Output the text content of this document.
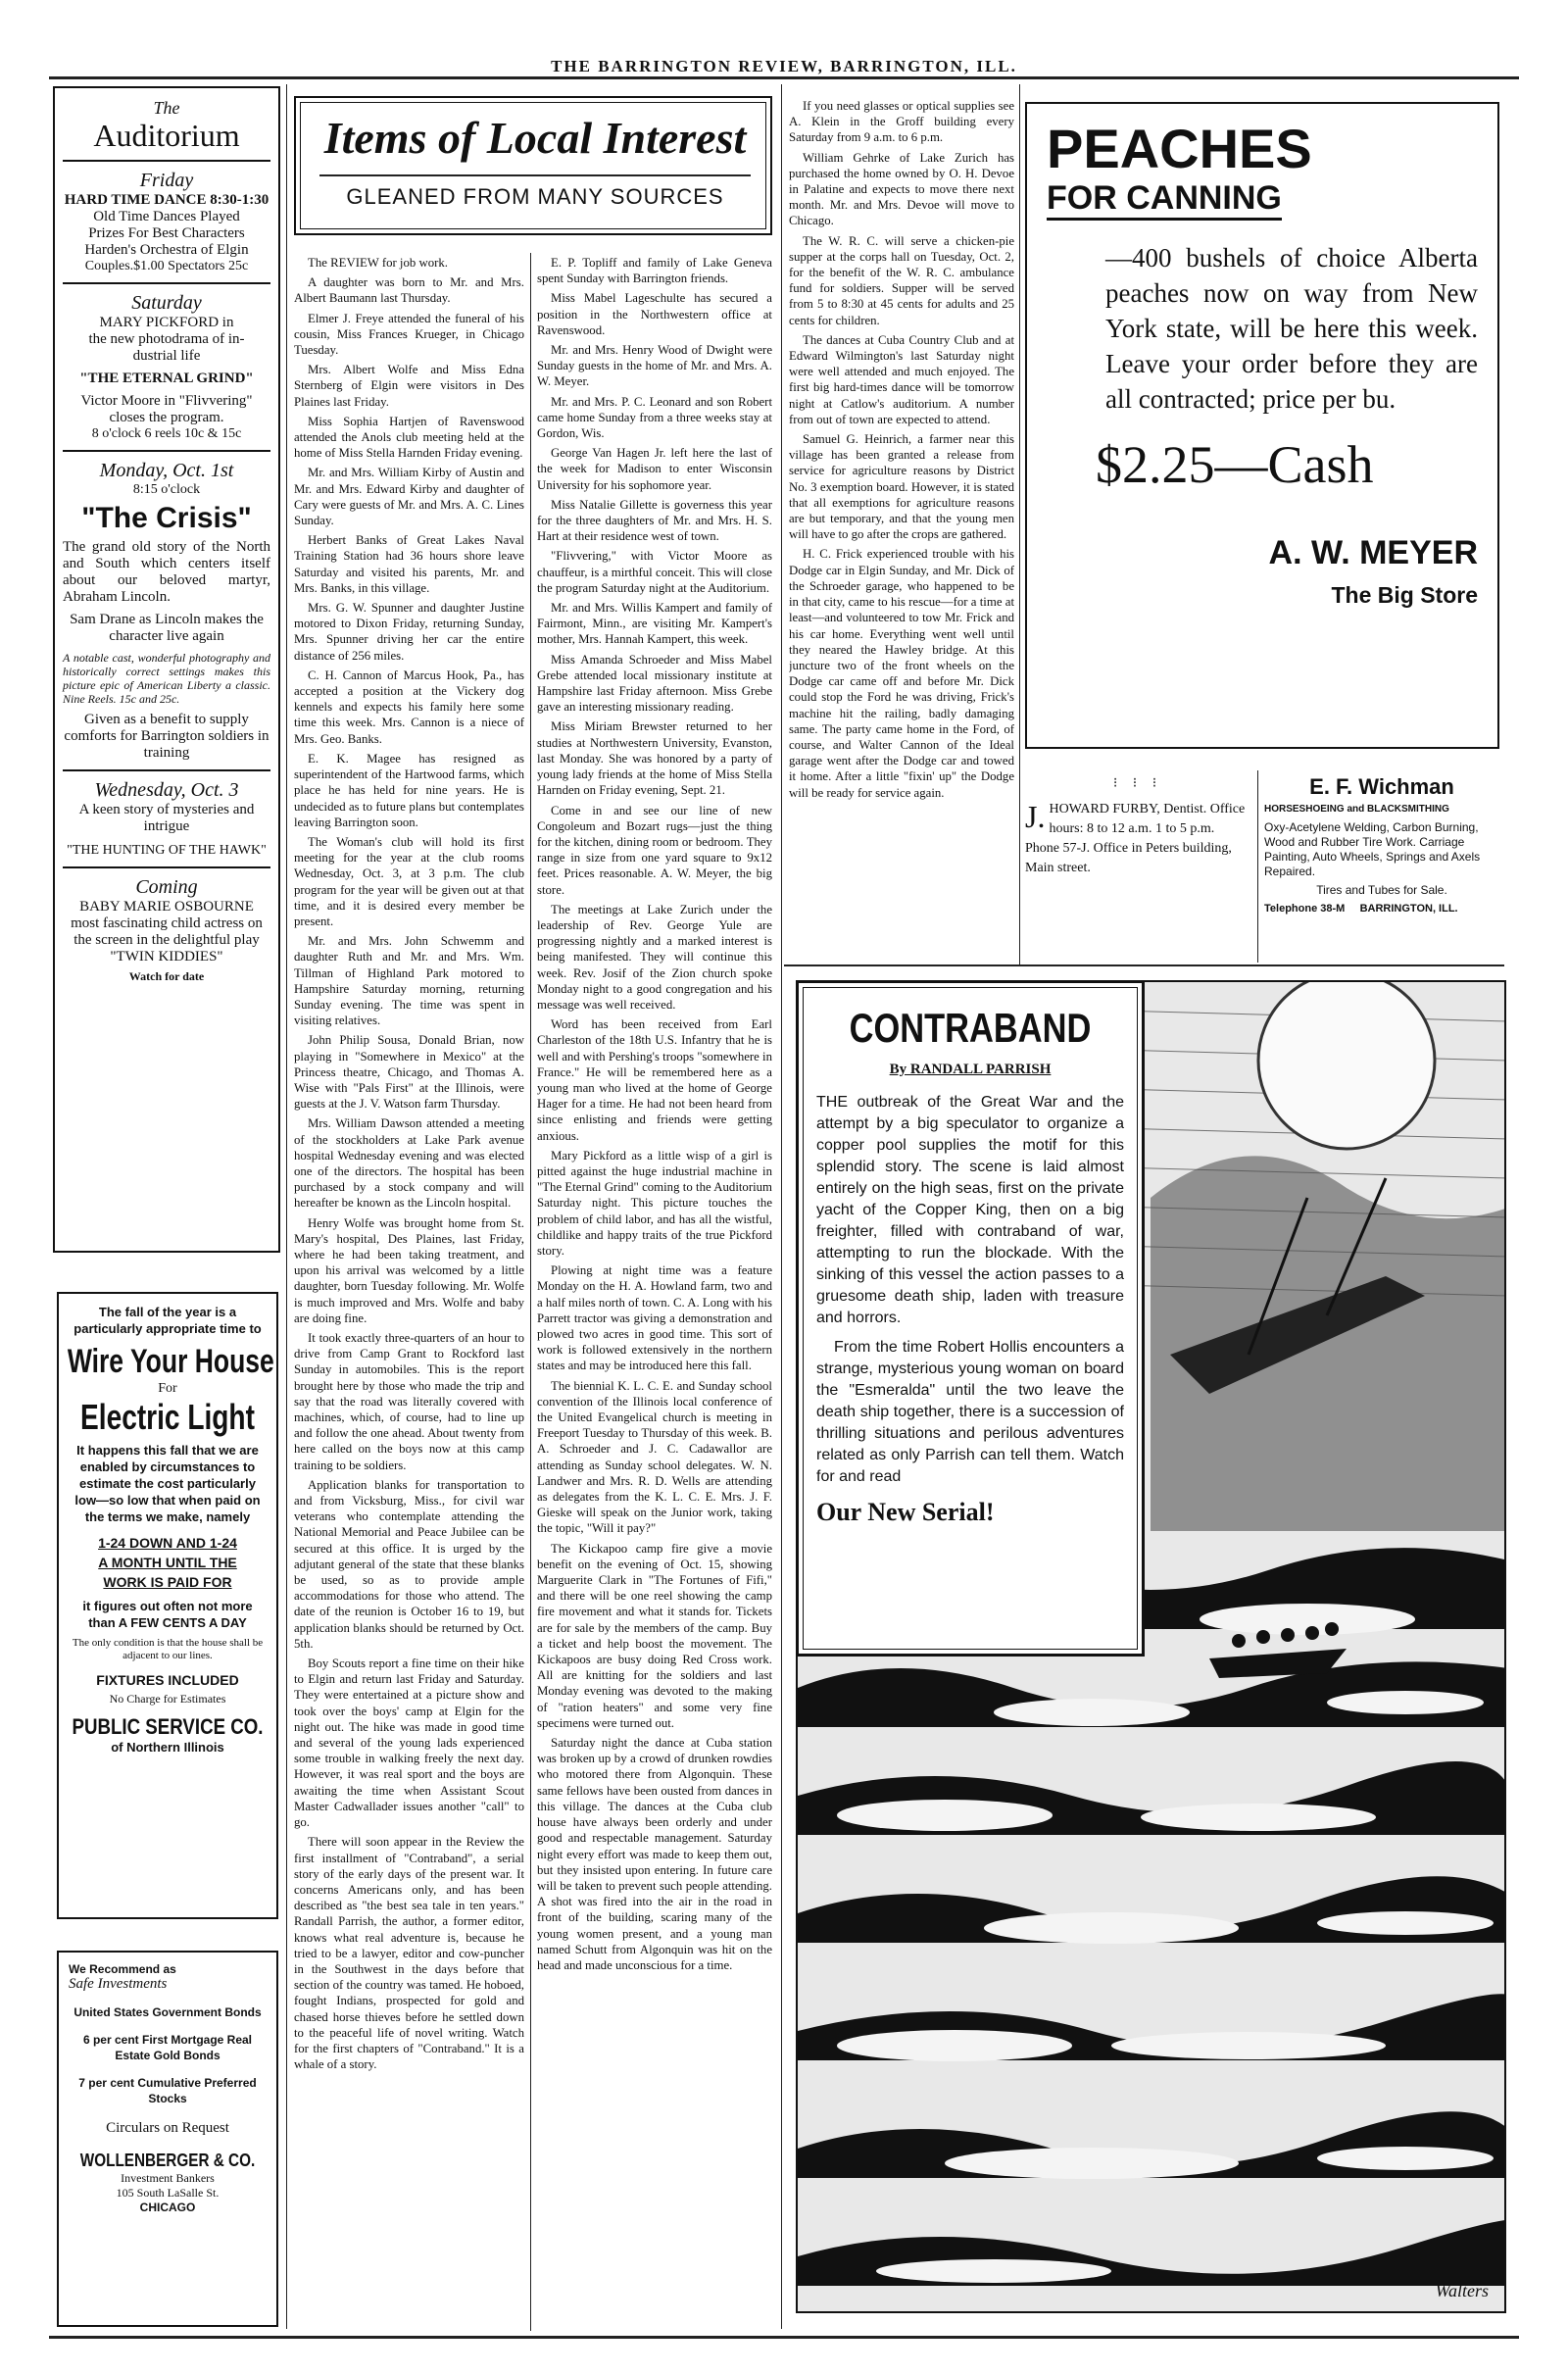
THE BARRINGTON REVIEW, BARRINGTON, ILL.
The
Auditorium
Friday
HARD TIME DANCE 8:30-1:30
Old Time Dances Played
Prizes For Best Characters
Harden's Orchestra of Elgin
Couples.$1.00 Spectators 25c
Saturday
MARY PICKFORD in
the new photodrama of in-
dustrial life
"THE ETERNAL GRIND"
Victor Moore in "Flivvering"
closes the program.
8 o'clock 6 reels 10c & 15c
Monday, Oct. 1st
8:15 o'clock
"The Crisis"
The grand old story of the North and South which centers itself about our beloved martyr, Abraham Lincoln.
Sam Drane as Lincoln makes the character live again
A notable cast, wonderful photography and historically correct settings makes this picture epic of American Liberty a classic. Nine Reels. 15c and 25c.
Given as a benefit to supply comforts for Barrington soldiers in training
Wednesday, Oct. 3
A keen story of mysteries and intrigue
"THE HUNTING OF THE HAWK"
Coming
BABY MARIE OSBOURNE
most fascinating child actress on the screen in the delightful play "TWIN KIDDIES"
Watch for date
The fall of the year is a particularly appropriate time to
Wire Your House
For
Electric Light
It happens this fall that we are enabled by circumstances to estimate the cost particularly low—so low that when paid on the terms we make, namely
1-24 DOWN AND 1-24
A MONTH UNTIL THE
WORK IS PAID FOR
it figures out often not more than A FEW CENTS A DAY
The only condition is that the house shall be adjacent to our lines.
FIXTURES INCLUDED
No Charge for Estimates
PUBLIC SERVICE CO.
of Northern Illinois
We Recommend as
Safe Investments
United States Government Bonds
6 per cent First Mortgage Real Estate Gold Bonds
7 per cent Cumulative Preferred Stocks
Circulars on Request
WOLLENBERGER & CO.
Investment Bankers
105 South LaSalle St.
CHICAGO
Items of Local Interest
GLEANED FROM MANY SOURCES

The REVIEW for job work.

A daughter was born to Mr. and Mrs. Albert Baumann last Thursday.

Elmer J. Freye attended the funeral of his cousin, Miss Frances Krueger, in Chicago Tuesday.

Mrs. Albert Wolfe and Miss Edna Sternberg of Elgin were visitors in Des Plaines last Friday.

Miss Sophia Hartjen of Ravenswood attended the Anols club meeting held at the home of Miss Stella Harnden Friday evening.

Mr. and Mrs. William Kirby of Austin and Mr. and Mrs. Edward Kirby and daughter of Cary were guests of Mr. and Mrs. A. C. Lines Sunday.

Herbert Banks of Great Lakes Naval Training Station had 36 hours shore leave Saturday and visited his parents, Mr. and Mrs. Banks, in this village.

Mrs. G. W. Spunner and daughter Justine motored to Dixon Friday, returning Sunday, Mrs. Spunner driving her car the entire distance of 256 miles.

C. H. Cannon of Marcus Hook, Pa., has accepted a position at the Vickery dog kennels and expects his family here some time this week. Mrs. Cannon is a niece of Mrs. Geo. Banks.

E. K. Magee has resigned as superintendent of the Hartwood farms, which place he has held for nine years. He is undecided as to future plans but contemplates leaving Barrington soon.

The Woman's club will hold its first meeting for the year at the club rooms Wednesday, Oct. 3, at 3 p.m. The club program for the year will be given out at that time, and it is desired every member be present.

Mr. and Mrs. John Schwemm and daughter Ruth and Mr. and Mrs. Wm. Tillman of Highland Park motored to Hampshire Saturday morning, returning Sunday evening. The time was spent in visiting relatives.

John Philip Sousa, Donald Brian, now playing in "Somewhere in Mexico" at the Princess theatre, Chicago, and Thomas A. Wise with "Pals First" at the Illinois, were guests at the J. V. Watson farm Thursday.

Mrs. William Dawson attended a meeting of the stockholders at Lake Park avenue hospital Wednesday evening and was elected one of the directors. The hospital has been purchased by a stock company and will hereafter be known as the Lincoln hospital.

Henry Wolfe was brought home from St. Mary's hospital, Des Plaines, last Friday, where he had been taking treatment, and upon his arrival was welcomed by a little daughter, born Tuesday following. Mr. Wolfe is much improved and Mrs. Wolfe and baby are doing fine.

It took exactly three-quarters of an hour to drive from Camp Grant to Rockford last Sunday in automobiles. This is the report brought here by those who made the trip and say that the road was literally covered with machines, which, of course, had to line up and follow the one ahead. About twenty from here called on the boys now at this camp training to be soldiers.

Application blanks for transportation to and from Vicksburg, Miss., for civil war veterans who contemplate attending the National Memorial and Peace Jubilee can be secured at this office. It is urged by the adjutant general of the state that these blanks be used, so as to provide ample accommodations for those who attend. The date of the reunion is October 16 to 19, but application blanks should be returned by Oct. 5th.

Boy Scouts report a fine time on their hike to Elgin and return last Friday and Saturday. They were entertained at a picture show and took over the boys' camp at Elgin for the night out. The hike was made in good time and several of the young lads experienced some trouble in walking freely the next day. However, it was real sport and the boys are awaiting the time when Assistant Scout Master Cadwallader issues another "call" to go.

There will soon appear in the Review the first installment of "Contraband", a serial story of the early days of the present war. It concerns Americans only, and has been described as "the best sea tale in ten years." Randall Parrish, the author, a former editor, knows what real adventure is, because he tried to be a lawyer, editor and cow-puncher in the Southwest in the days before that section of the country was tamed. He hoboed, fought Indians, prospected for gold and chased horse thieves before he settled down to the peaceful life of novel writing. Watch for the first chapters of "Contraband." It is a whale of a story.

E. P. Topliff and family of Lake Geneva spent Sunday with Barrington friends.

Miss Mabel Lageschulte has secured a position in the Northwestern office at Ravenswood.

Mr. and Mrs. Henry Wood of Dwight were Sunday guests in the home of Mr. and Mrs. A. W. Meyer.

Mr. and Mrs. P. C. Leonard and son Robert came home Sunday from a three weeks stay at Gordon, Wis.

George Van Hagen Jr. left here the last of the week for Madison to enter Wisconsin University for his sophomore year.

Miss Natalie Gillette is governess this year for the three daughters of Mr. and Mrs. H. S. Hart at their residence west of town.

"Flivvering," with Victor Moore as chauffeur, is a mirthful conceit. This will close the program Saturday night at the Auditorium.

Mr. and Mrs. Willis Kampert and family of Fairmont, Minn., are visiting Mr. Kampert's mother, Mrs. Hannah Kampert, this week.

Miss Amanda Schroeder and Miss Mabel Grebe attended local missionary institute at Hampshire last Friday afternoon. Miss Grebe gave an interesting missionary reading.

Miss Miriam Brewster returned to her studies at Northwestern University, Evanston, last Monday. She was honored by a party of young lady friends at the home of Miss Stella Harnden on Friday evening, Sept. 21.

Come in and see our line of new Congoleum and Bozart rugs—just the thing for the kitchen, dining room or bedroom. They range in size from one yard square to 9x12 feet. Prices reasonable. A. W. Meyer, the big store.

The meetings at Lake Zurich under the leadership of Rev. George Yule are progressing nightly and a marked interest is being manifested. They will continue this week. Rev. Josif of the Zion church spoke Monday night to a good congregation and his message was well received.

Word has been received from Earl Charleston of the 18th U.S. Infantry that he is well and with Pershing's troops "somewhere in France." He will be remembered here as a young man who lived at the home of George Hager for a time. He had not been heard from since enlisting and friends were getting anxious.

Mary Pickford as a little wisp of a girl is pitted against the huge industrial machine in "The Eternal Grind" coming to the Auditorium Saturday night. This picture touches the problem of child labor, and has all the wistful, childlike and happy traits of the true Pickford story.

Plowing at night time was a feature Monday on the H. A. Howland farm, two and a half miles north of town. C. A. Long with his Parrett tractor was giving a demonstration and plowed two acres in good time. This sort of work is followed extensively in the northern states and may be introduced here this fall.

The biennial K. L. C. E. and Sunday school convention of the Illinois local conference of the United Evangelical church is meeting in Freeport Tuesday to Thursday of this week. B. A. Schroeder and J. C. Cadawallor are attending as Sunday school delegates. W. N. Landwer and Mrs. R. D. Wells are attending as delegates from the K. L. C. E. Mrs. J. F. Gieske will speak on the Junior work, taking the topic, "Will it pay?"

The Kickapoo camp fire give a movie benefit on the evening of Oct. 15, showing Marguerite Clark in "The Fortunes of Fifi," and there will be one reel showing the camp fire movement and what it stands for. Tickets are for sale by the members of the camp. Buy a ticket and help boost the movement. The Kickapoos are busy doing Red Cross work. All are knitting for the soldiers and last Monday evening was devoted to the making of "ration heaters" and some very fine specimens were turned out.

Saturday night the dance at Cuba station was broken up by a crowd of drunken rowdies who motored there from Algonquin. These same fellows have been ousted from dances in this village. The dances at the Cuba club house have always been orderly and under good and respectable management. Saturday night every effort was made to keep them out, but they insisted upon entering. In future care will be taken to prevent such people attending. A shot was fired into the air in the road in front of the building, scaring many of the young women present, and a young man named Schutt from Algonquin was hit on the head and made unconscious for a time.

If you need glasses or optical supplies see A. Klein in the Groff building every Saturday from 9 a.m. to 6 p.m.

William Gehrke of Lake Zurich has purchased the home owned by O. H. Devoe in Palatine and expects to move there next month. Mr. and Mrs. Devoe will move to Chicago.

The W. R. C. will serve a chicken-pie supper at the corps hall on Tuesday, Oct. 2, for the benefit of the W. R. C. ambulance fund for soldiers. Supper will be served from 5 to 8:30 at 45 cents for adults and 25 cents for children.

The dances at Cuba Country Club and at Edward Wilmington's last Saturday night were well attended and much enjoyed. The first big hard-times dance will be tomorrow night at Catlow's auditorium. A number from out of town are expected to attend.

Samuel G. Heinrich, a farmer near this village has been granted a release from service for agriculture reasons by District No. 3 exemption board. However, it is stated that all exemptions for agriculture reasons are but temporary, and that the young men will have to go after the crops are gathered.

H. C. Frick experienced trouble with his Dodge car in Elgin Sunday, and Mr. Dick of the Schroeder garage, who happened to be in that city, came to his rescue—for a time at least—and volunteered to tow Mr. Frick and his car home. Everything went well until they neared the Hawley bridge. At this juncture two of the front wheels on the Dodge car came off and before Mr. Dick could stop the Ford he was driving, Frick's machine hit the railing, badly damaging same. The party came home in the Ford, of course, and Walter Cannon of the Ideal garage went after the Dodge car and towed it home. After a little "fixin' up" the Dodge will be ready for service again.

PEACHES
FOR CANNING
—400 bushels of choice Alberta peaches now on way from New York state, will be here this week. Leave your order before they are all contracted; price per bu.
$2.25—Cash
A. W. MEYER
The Big Store
⁝ ⁝ ⁝
J. HOWARD FURBY, Dentist. Office hours: 8 to 12 a.m. 1 to 5 p.m. Phone 57-J. Office in Peters building, Main street.
E. F. Wichman
HORSESHOEING and BLACKSMITHING
Oxy-Acetylene Welding, Carbon Burning, Wood and Rubber Tire Work. Carriage Painting, Auto Wheels, Springs and Axels Repaired.
Tires and Tubes for Sale.
Telephone 38-M BARRINGTON, ILL.
Walters
CONTRABAND
By RANDALL PARRISH
THE outbreak of the Great War and the attempt by a big speculator to organize a copper pool supplies the motif for this splendid story. The scene is laid almost entirely on the high seas, first on the private yacht of the Copper King, then on a big freighter, filled with contraband of war, attempting to run the blockade. With the sinking of this vessel the action passes to a gruesome death ship, laden with treasure and horrors.
From the time Robert Hollis encounters a strange, mysterious young woman on board the "Esmeralda" until the two leave the death ship together, there is a succession of thrilling situations and perilous adventures related as only Parrish can tell them. Watch for and read
Our New Serial!
